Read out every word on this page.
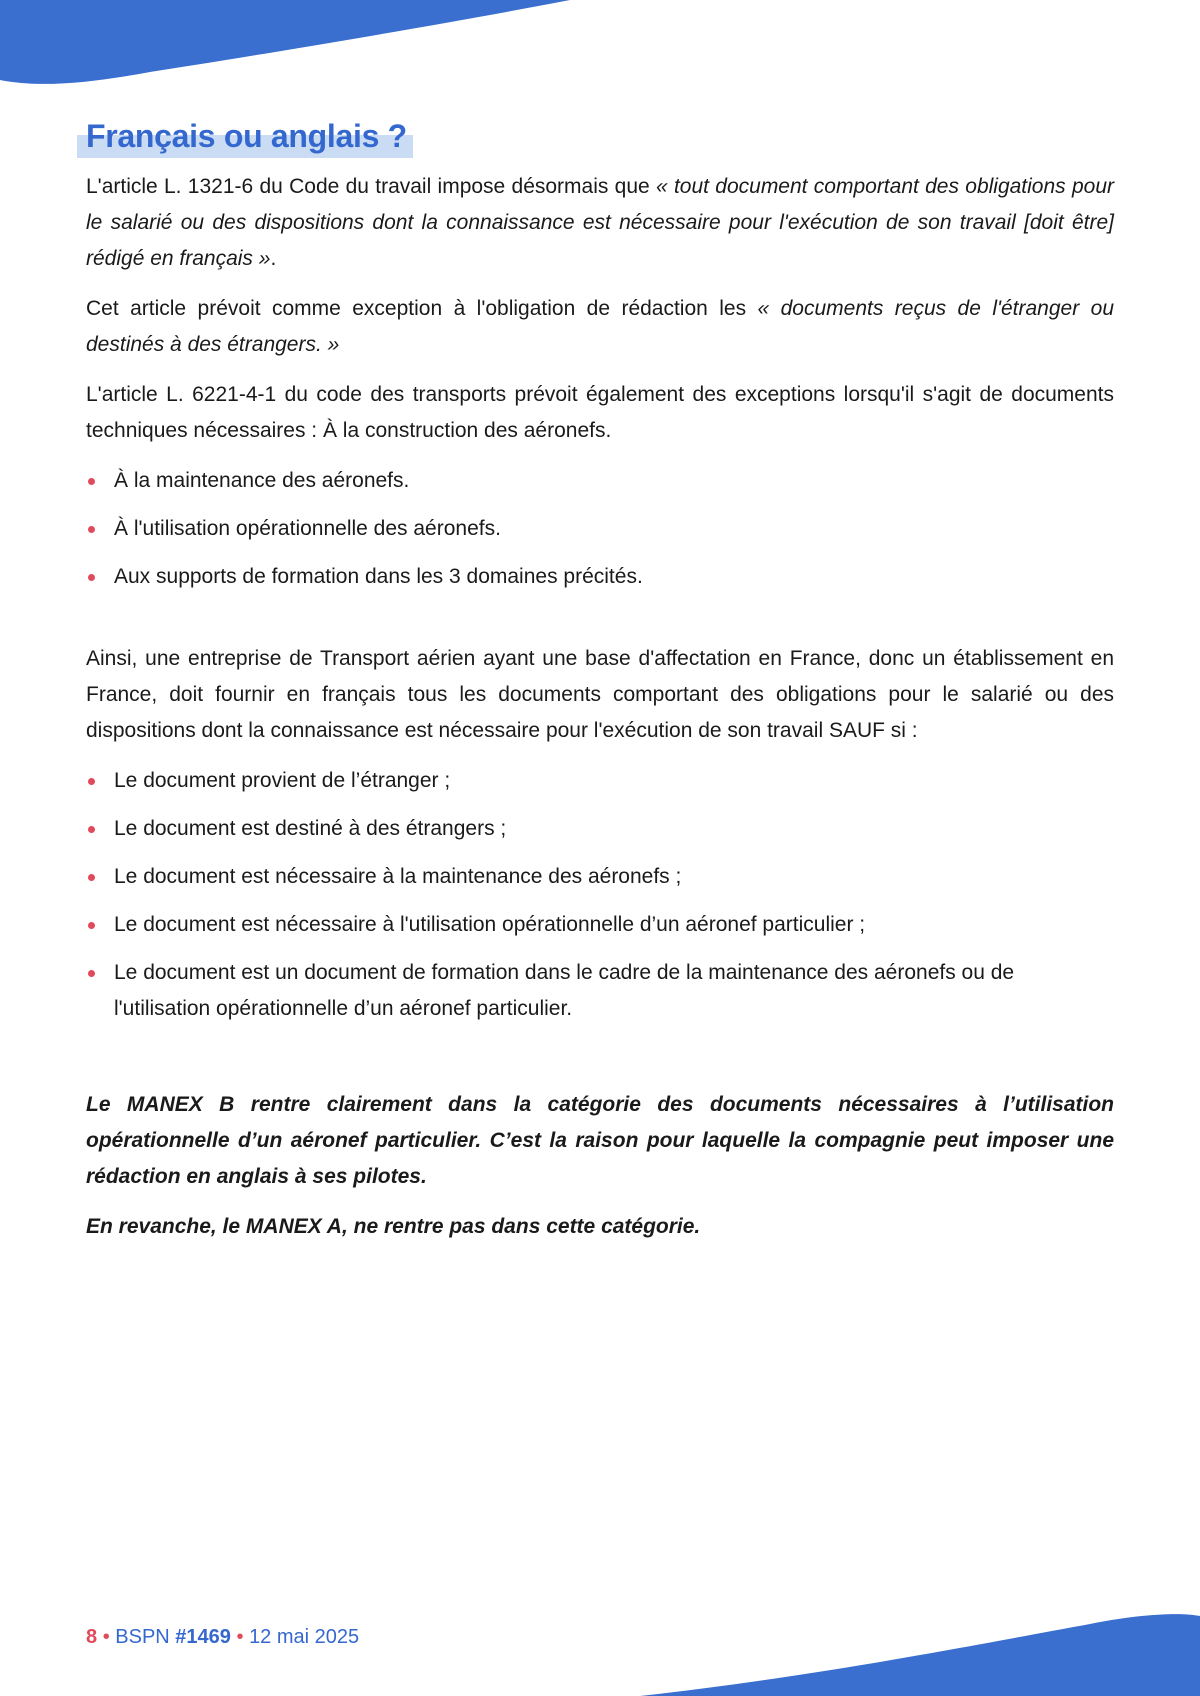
Français ou anglais ?

L'article L. 1321-6 du Code du travail impose désormais que « tout document comportant des obligations pour le salarié ou des dispositions dont la connaissance est nécessaire pour l'exécution de son travail [doit être] rédigé en français ».

Cet article prévoit comme exception à l'obligation de rédaction les « documents reçus de l'étranger ou destinés à des étrangers. »

L'article L. 6221-4-1 du code des transports prévoit également des exceptions lorsqu'il s'agit de documents techniques nécessaires : À la construction des aéronefs.

À la maintenance des aéronefs.
À l'utilisation opérationnelle des aéronefs.
Aux supports de formation dans les 3 domaines précités.

Ainsi, une entreprise de Transport aérien ayant une base d'affectation en France, donc un établissement en France, doit fournir en français tous les documents comportant des obligations pour le salarié ou des dispositions dont la connaissance est nécessaire pour l'exécution de son travail SAUF si :

Le document provient de l’étranger ;
Le document est destiné à des étrangers ;
Le document est nécessaire à la maintenance des aéronefs ;
Le document est nécessaire à l'utilisation opérationnelle d’un aéronef particulier ;
Le document est un document de formation dans le cadre de la maintenance des aéronefs ou de l'utilisation opérationnelle d’un aéronef particulier.

Le MANEX B rentre clairement dans la catégorie des documents nécessaires à l’utilisation opérationnelle d’un aéronef particulier. C’est la raison pour laquelle la compagnie peut imposer une rédaction en anglais à ses pilotes.

En revanche, le MANEX A, ne rentre pas dans cette catégorie.

8 • BSPN #1469 • 12 mai 2025
